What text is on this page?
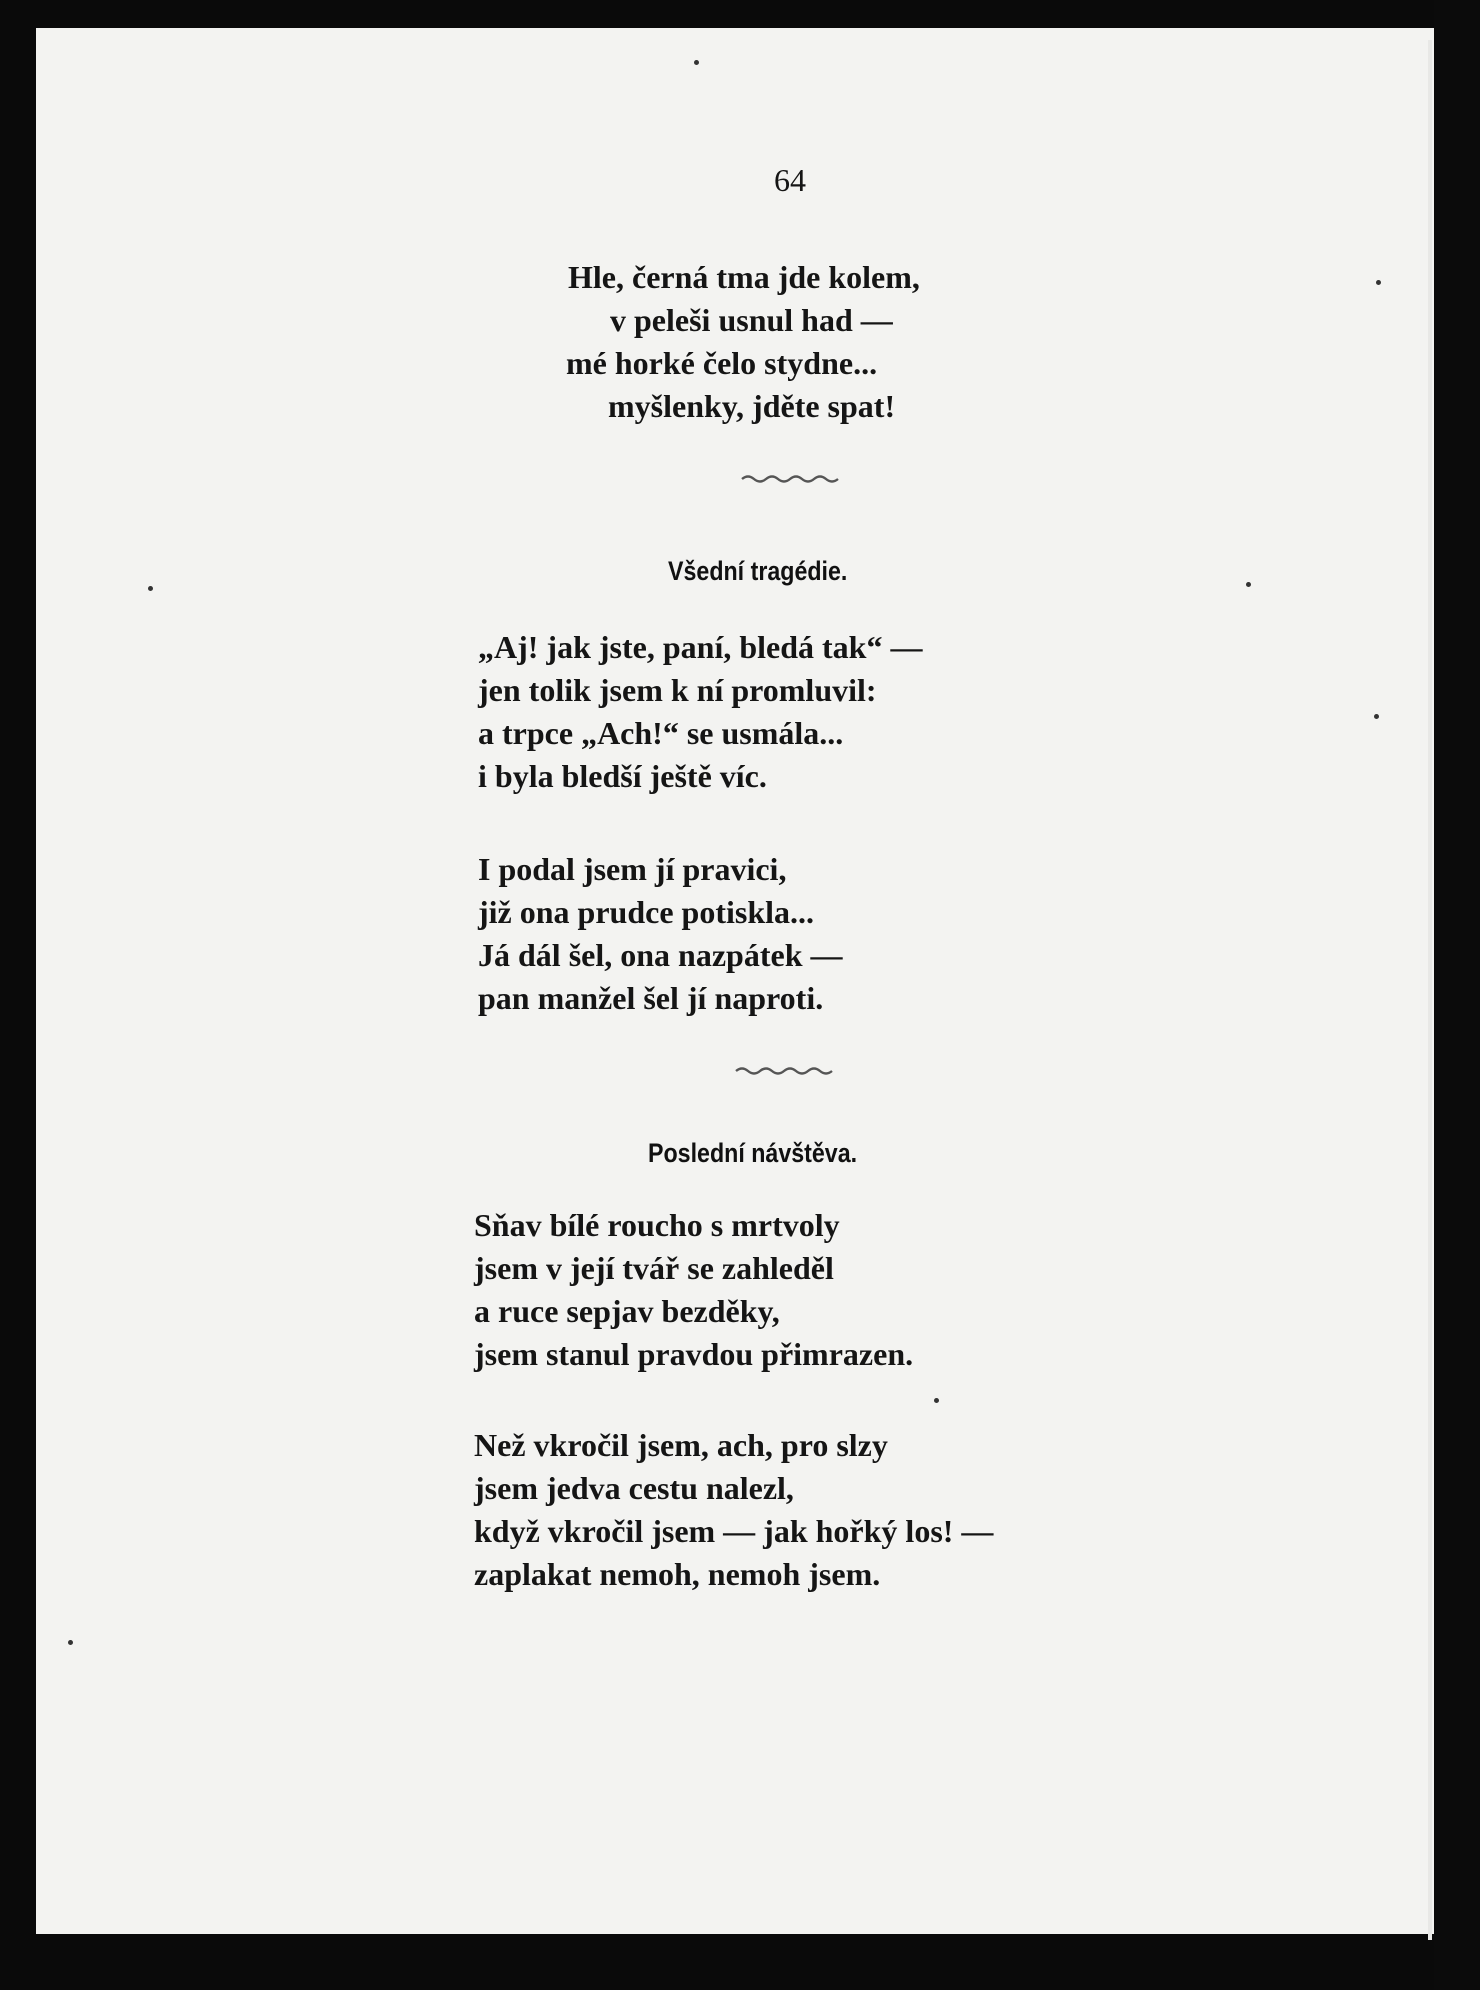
64
Hle, černá tma jde kolem,
v peleši usnul had —
mé horké čelo stydne...
myšlenky, jděte spat!
Všední tragédie.
„Aj! jak jste, paní, bledá tak“ —
jen tolik jsem k ní promluvil:
a trpce „Ach!“ se usmála...
i byla bledší ještě víc.
I podal jsem jí pravici,
již ona prudce potiskla...
Já dál šel, ona nazpátek —
pan manžel šel jí naproti.
Poslední návštěva.
Sňav bílé roucho s mrtvoly
jsem v její tvář se zahleděl
a ruce sepjav bezděky,
jsem stanul pravdou přimrazen.
Než vkročil jsem, ach, pro slzy
jsem jedva cestu nalezl,
když vkročil jsem — jak hořký los! —
zaplakat nemoh, nemoh jsem.
